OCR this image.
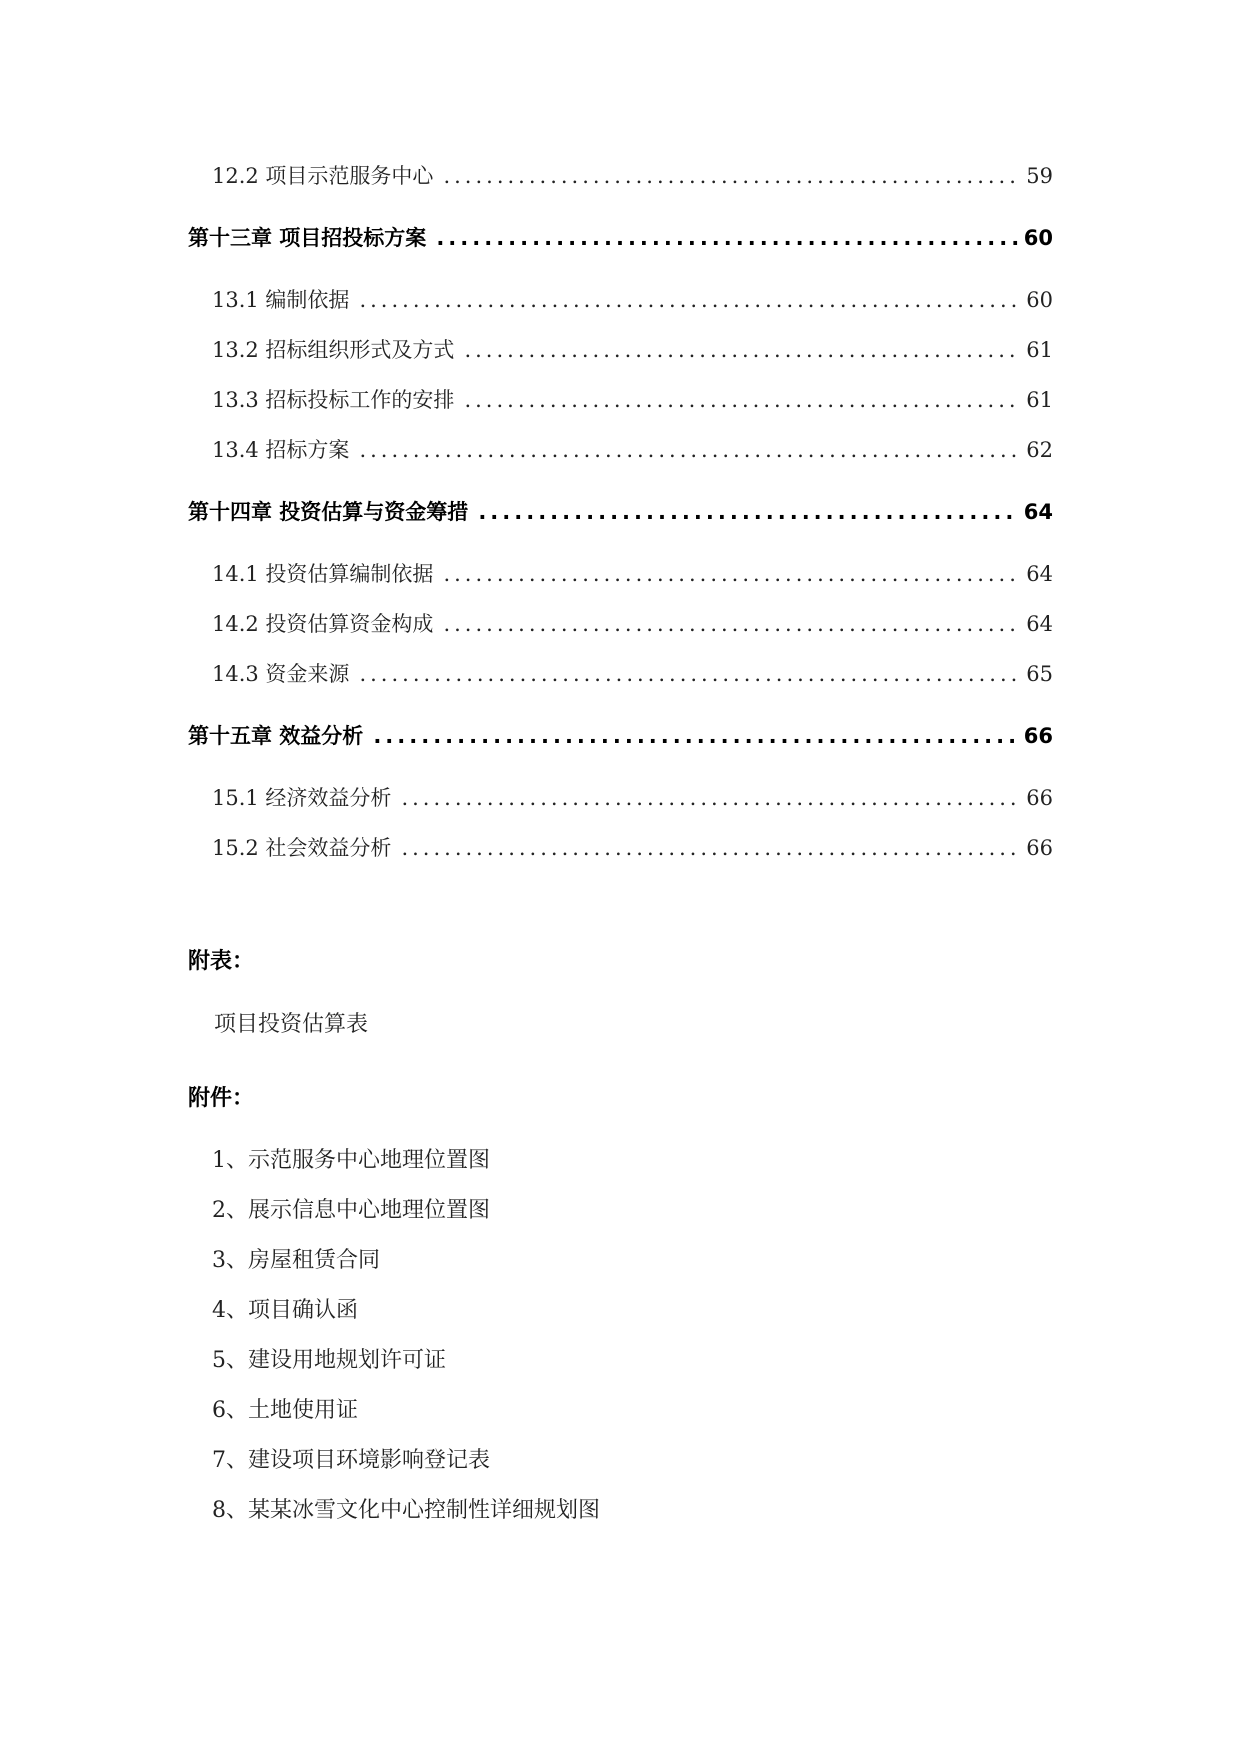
12.2 项目示范服务中心 .....	59
第十三章 项目招投标方案 .....	60
13.1 编制依据 .....	60
13.2 招标组织形式及方式 .....	61
13.3 招标投标工作的安排 .....	61
13.4 招标方案 .....	62
第十四章 投资估算与资金筹措 .....	64
14.1 投资估算编制依据 .....	64
14.2 投资估算资金构成 .....	64
14.3 资金来源 .....	65
第十五章 效益分析 .....	66
15.1 经济效益分析 .....	66
15.2 社会效益分析 .....	66
附表：
项目投资估算表
附件：
1、示范服务中心地理位置图
2、展示信息中心地理位置图
3、房屋租赁合同
4、项目确认函
5、建设用地规划许可证
6、土地使用证
7、建设项目环境影响登记表
8、某某冰雪文化中心控制性详细规划图
